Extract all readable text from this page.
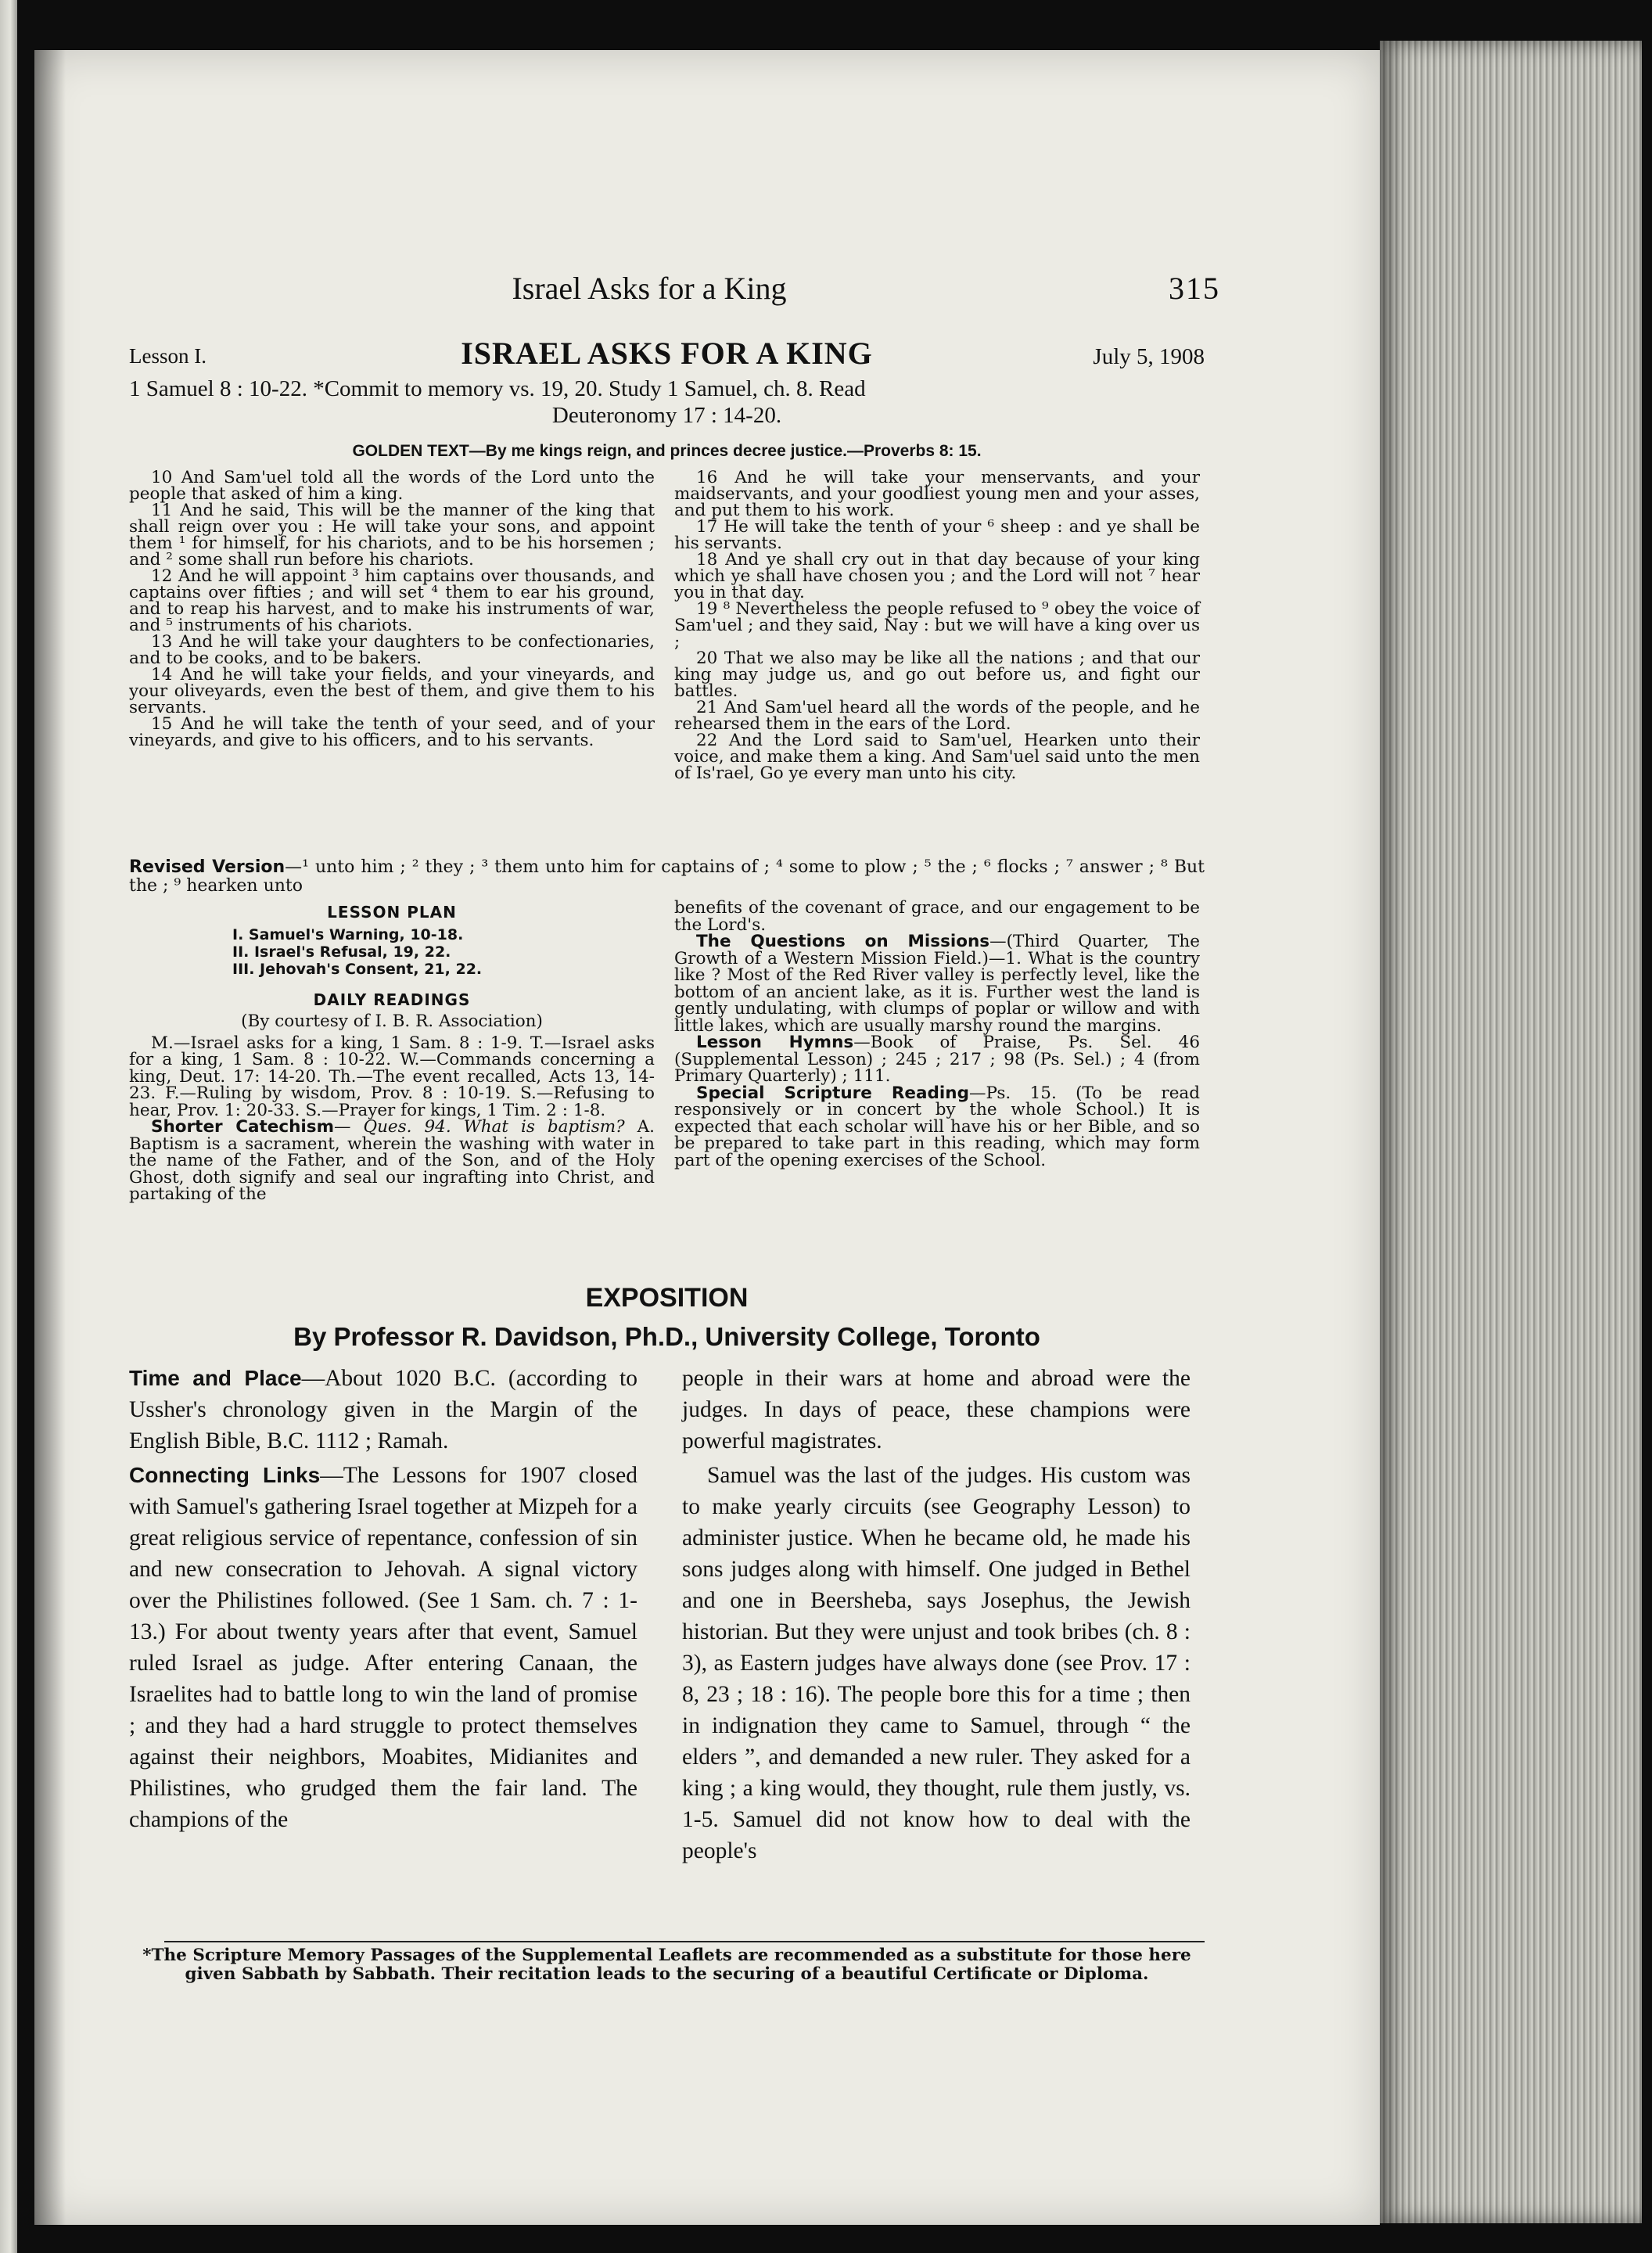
Israel Asks for a King	315
Lesson I.	ISRAEL ASKS FOR A KING	July 5, 1908
1 Samuel 8 : 10-22. *Commit to memory vs. 19, 20. Study 1 Samuel, ch. 8. Read
Deuteronomy 17 : 14-20.
GOLDEN TEXT—By me kings reign, and princes decree justice.—Proverbs 8: 15.

10 And Sam'uel told all the words of the Lord unto the people that asked of him a king.

11 And he said, This will be the manner of the king that shall reign over you : He will take your sons, and appoint them ¹ for himself, for his chariots, and to be his horsemen ; and ² some shall run before his chariots.

12 And he will appoint ³ him captains over thousands, and captains over fifties ; and will set ⁴ them to ear his ground, and to reap his harvest, and to make his instruments of war, and ⁵ instruments of his chariots.

13 And he will take your daughters to be confectionaries, and to be cooks, and to be bakers.

14 And he will take your fields, and your vineyards, and your oliveyards, even the best of them, and give them to his servants.

15 And he will take the tenth of your seed, and of your vineyards, and give to his officers, and to his servants.

16 And he will take your menservants, and your maidservants, and your goodliest young men and your asses, and put them to his work.

17 He will take the tenth of your ⁶ sheep : and ye shall be his servants.

18 And ye shall cry out in that day because of your king which ye shall have chosen you ; and the Lord will not ⁷ hear you in that day.

19 ⁸ Nevertheless the people refused to ⁹ obey the voice of Sam'uel ; and they said, Nay : but we will have a king over us ;

20 That we also may be like all the nations ; and that our king may judge us, and go out before us, and fight our battles.

21 And Sam'uel heard all the words of the people, and he rehearsed them in the ears of the Lord.

22 And the Lord said to Sam'uel, Hearken unto their voice, and make them a king. And Sam'uel said unto the men of Is'rael, Go ye every man unto his city.

Revised Version—¹ unto him ; ² they ; ³ them unto him for captains of ; ⁴ some to plow ; ⁵ the ; ⁶ flocks ; ⁷ answer ; ⁸ But the ; ⁹ hearken unto
LESSON PLAN
I. Samuel's Warning, 10-18.
II. Israel's Refusal, 19, 22.
III. Jehovah's Consent, 21, 22.
DAILY READINGS
(By courtesy of I. B. R. Association)

M.—Israel asks for a king, 1 Sam. 8 : 1-9. T.—Israel asks for a king, 1 Sam. 8 : 10-22. W.—Commands concerning a king, Deut. 17: 14-20. Th.—The event recalled, Acts 13, 14-23. F.—Ruling by wisdom, Prov. 8 : 10-19. S.—Refusing to hear, Prov. 1: 20-33. S.—Prayer for kings, 1 Tim. 2 : 1-8.

Shorter Catechism— Ques. 94. What is baptism? A. Baptism is a sacrament, wherein the washing with water in the name of the Father, and of the Son, and of the Holy Ghost, doth signify and seal our ingrafting into Christ, and partaking of the

benefits of the covenant of grace, and our engagement to be the Lord's.

The Questions on Missions—(Third Quarter, The Growth of a Western Mission Field.)—1. What is the country like ? Most of the Red River valley is perfectly level, like the bottom of an ancient lake, as it is. Further west the land is gently undulating, with clumps of poplar or willow and with little lakes, which are usually marshy round the margins.

Lesson Hymns—Book of Praise, Ps. Sel. 46 (Supplemental Lesson) ; 245 ; 217 ; 98 (Ps. Sel.) ; 4 (from Primary Quarterly) ; 111.

Special Scripture Reading—Ps. 15. (To be read responsively or in concert by the whole School.) It is expected that each scholar will have his or her Bible, and so be prepared to take part in this reading, which may form part of the opening exercises of the School.

EXPOSITION
By Professor R. Davidson, Ph.D., University College, Toronto

Time and Place—About 1020 B.C. (according to Ussher's chronology given in the Margin of the English Bible, B.C. 1112 ; Ramah.

Connecting Links—The Lessons for 1907 closed with Samuel's gathering Israel together at Mizpeh for a great religious service of repentance, confession of sin and new consecration to Jehovah. A signal victory over the Philistines followed. (See 1 Sam. ch. 7 : 1-13.) For about twenty years after that event, Samuel ruled Israel as judge. After entering Canaan, the Israelites had to battle long to win the land of promise ; and they had a hard struggle to protect themselves against their neighbors, Moabites, Midianites and Philistines, who grudged them the fair land. The champions of the

people in their wars at home and abroad were the judges. In days of peace, these champions were powerful magistrates.

Samuel was the last of the judges. His custom was to make yearly circuits (see Geography Lesson) to administer justice. When he became old, he made his sons judges along with himself. One judged in Bethel and one in Beersheba, says Josephus, the Jewish historian. But they were unjust and took bribes (ch. 8 : 3), as Eastern judges have always done (see Prov. 17 : 8, 23 ; 18 : 16). The people bore this for a time ; then in indignation they came to Samuel, through “ the elders ”, and demanded a new ruler. They asked for a king ; a king would, they thought, rule them justly, vs. 1-5. Samuel did not know how to deal with the people's

*The Scripture Memory Passages of the Supplemental Leaflets are recommended as a substitute for those here given Sabbath by Sabbath. Their recitation leads to the securing of a beautiful Certificate or Diploma.
